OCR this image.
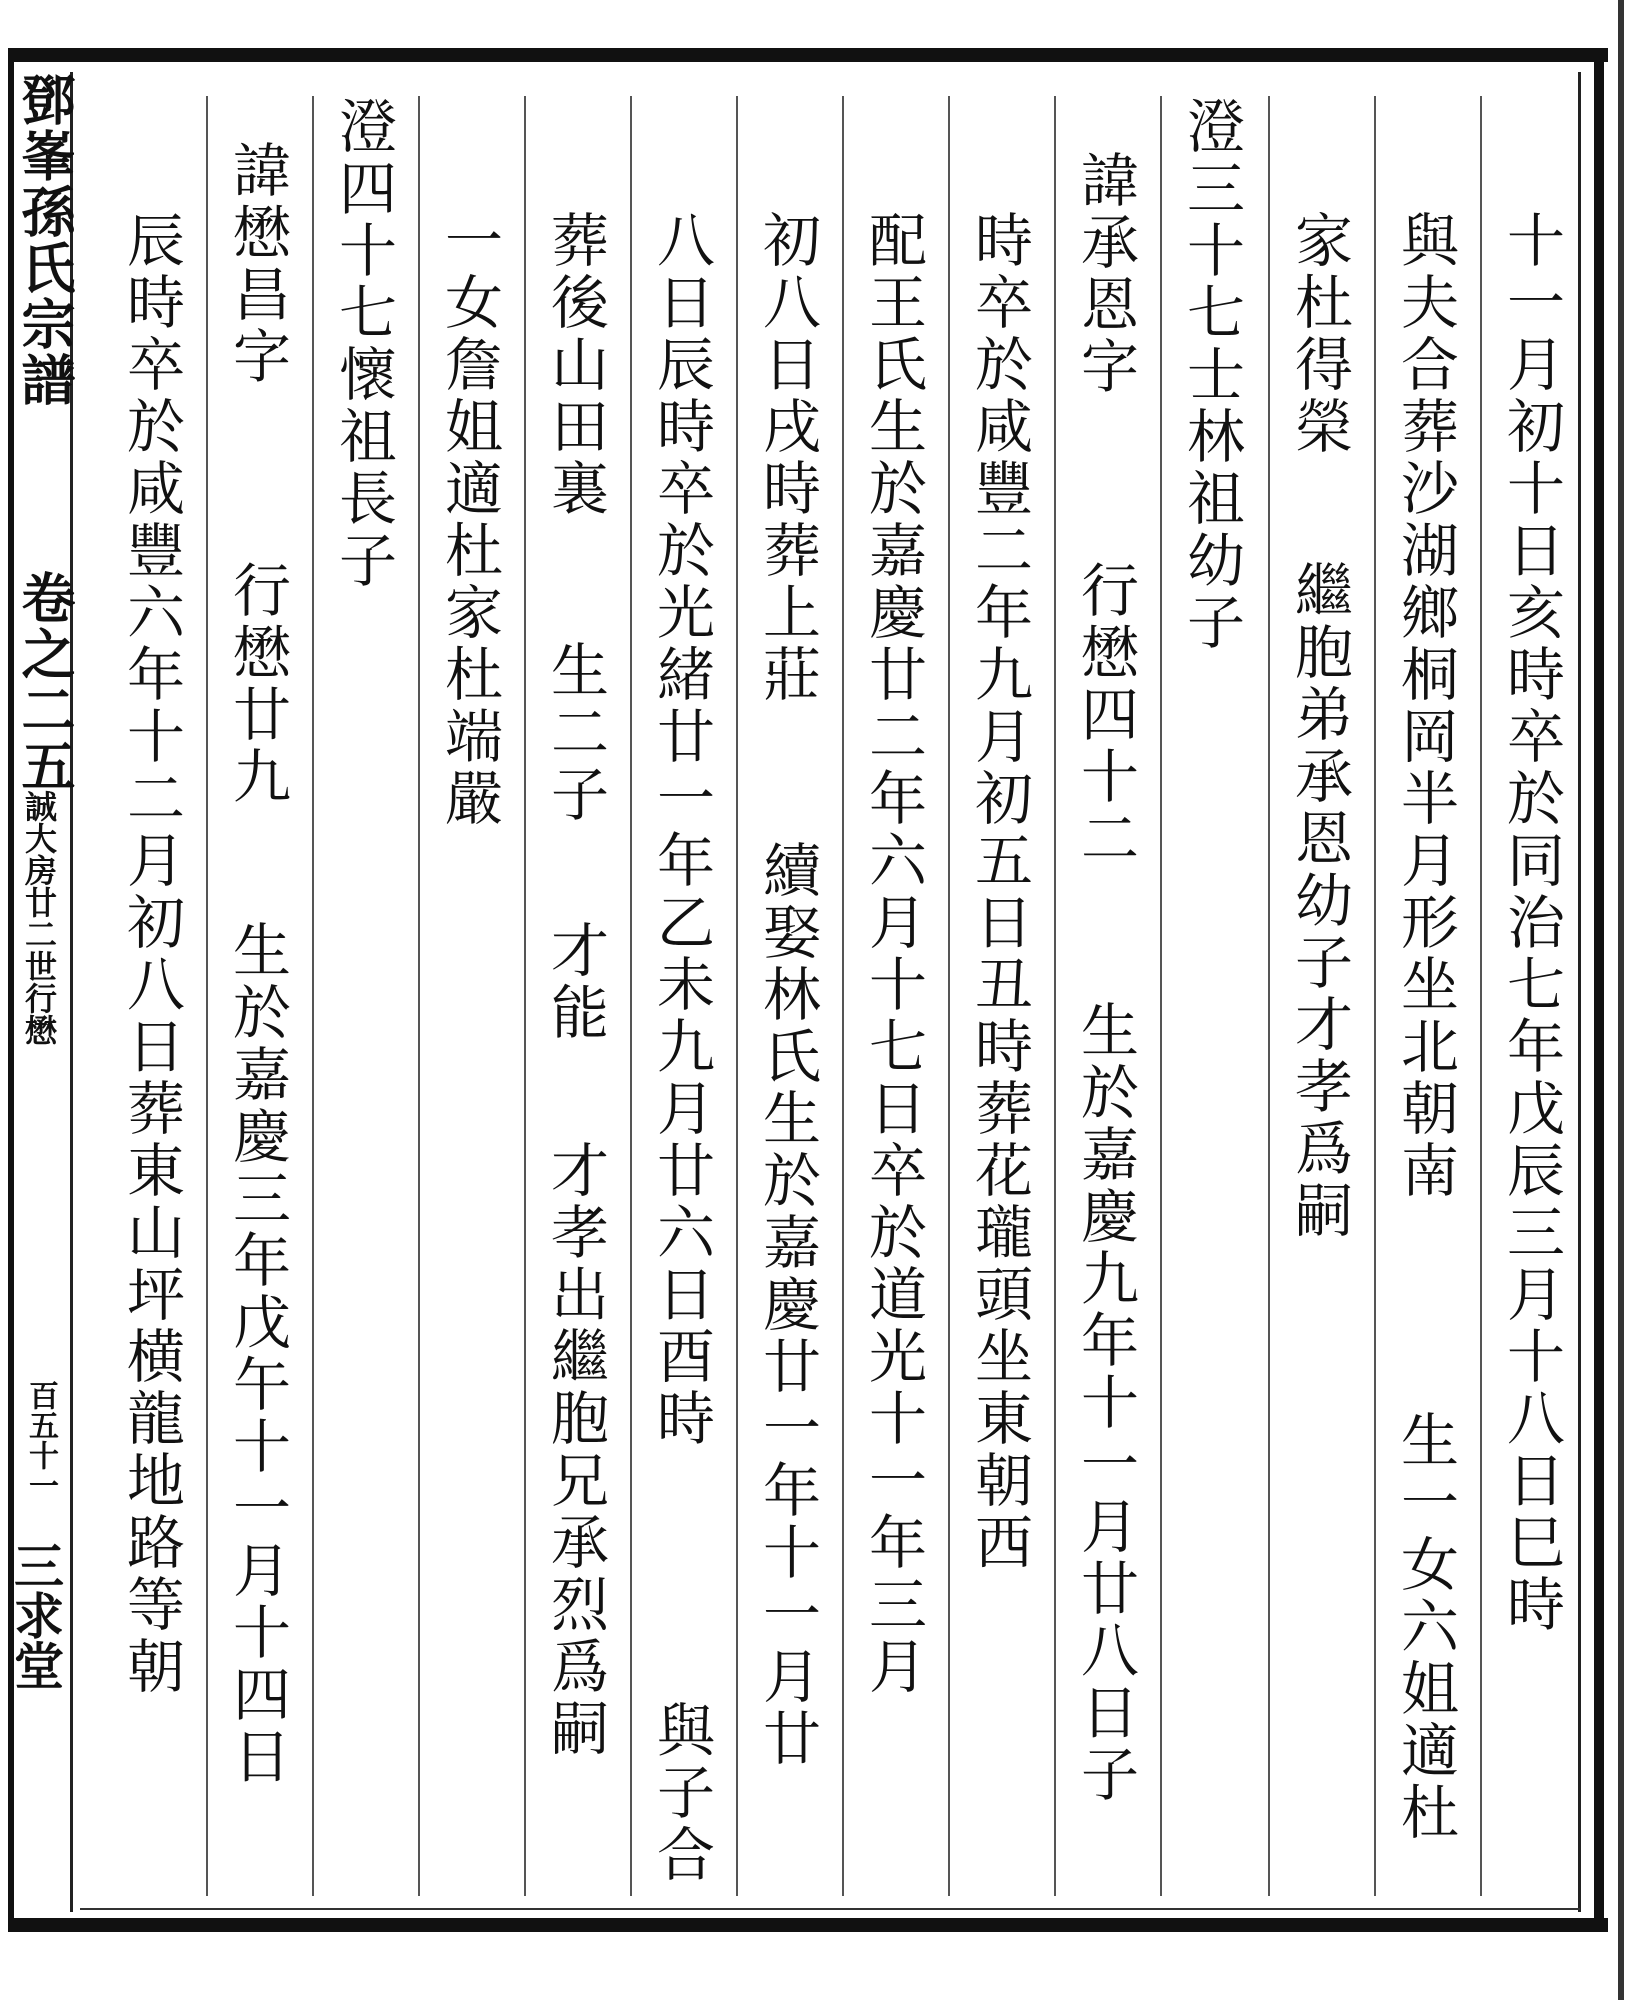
鄧峯孫氏宗譜
卷之二五
誠大房廿二世行懋
百五十一
三求堂	十一月初十日亥時卒於同治七年戊辰三月十八日巳時
與夫合葬沙湖鄉桐岡半月形坐北朝南
生一女六姐適杜
家杜得榮
繼胞弟承恩幼子才孝爲嗣
澄三十七士林祖幼子
諱承恩字
行懋四十二
生於嘉慶九年十一月廿八日子
時卒於咸豐二年九月初五日丑時葬花瓏頭坐東朝西
配王氏生於嘉慶廿二年六月十七日卒於道光十一年三月
初八日戌時葬上莊
續娶林氏生於嘉慶廿一年十一月廿
八日辰時卒於光緒廿一年乙未九月廿六日酉時
與子合
葬後山田裏
生二子
才能
才孝出繼胞兄承烈爲嗣
一女詹姐適杜家杜端嚴
澄四十七懷祖長子
諱懋昌字
行懋廿九
生於嘉慶三年戊午十一月十四日
辰時卒於咸豐六年十二月初八日葬東山坪横龍地路等朝
